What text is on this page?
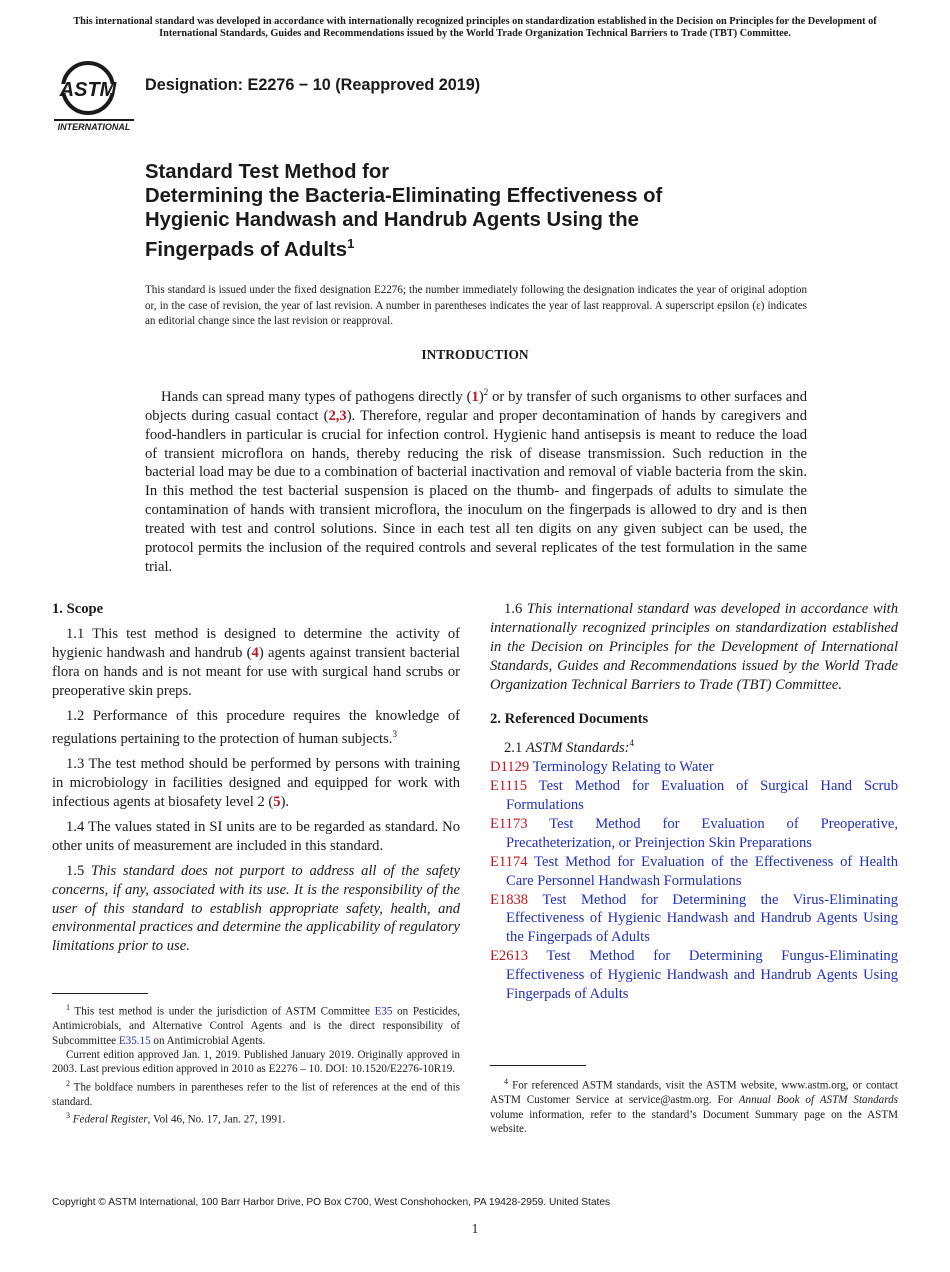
This international standard was developed in accordance with internationally recognized principles on standardization established in the Decision on Principles for the Development of International Standards, Guides and Recommendations issued by the World Trade Organization Technical Barriers to Trade (TBT) Committee.
ASTM
INTERNATIONAL
Designation: E2276 − 10 (Reapproved 2019)
Standard Test Method for
Determining the Bacteria-Eliminating Effectiveness of
Hygienic Handwash and Handrub Agents Using the
Fingerpads of Adults$^1$
This standard is issued under the fixed designation E2276; the number immediately following the designation indicates the year of original adoption or, in the case of revision, the year of last revision. A number in parentheses indicates the year of last reapproval. A superscript epsilon (ε) indicates an editorial change since the last revision or reapproval.
INTRODUCTION
Hands can spread many types of pathogens directly $(1)^2$ or by transfer of such organisms to other surfaces and objects during casual contact (2,3). Therefore, regular and proper decontamination of hands by caregivers and food-handlers in particular is crucial for infection control. Hygienic hand antisepsis is meant to reduce the load of transient microflora on hands, thereby reducing the risk of disease transmission. Such reduction in the bacterial load may be due to a combination of bacterial inactivation and removal of viable bacteria from the skin. In this method the test bacterial suspension is placed on the thumb- and fingerpads of adults to simulate the contamination of hands with transient microflora, the inoculum on the fingerpads is allowed to dry and is then treated with test and control solutions. Since in each test all ten digits on any given subject can be used, the protocol permits the inclusion of the required controls and several replicates of the test formulation in the same trial.
1. Scope
1.1 This test method is designed to determine the activity of hygienic handwash and handrub (4) agents against transient bacterial flora on hands and is not meant for use with surgical hand scrubs or preoperative skin preps.
1.2 Performance of this procedure requires the knowledge of regulations pertaining to the protection of human subjects.$^3$
1.3 The test method should be performed by persons with training in microbiology in facilities designed and equipped for work with infectious agents at biosafety level 2 (5).
1.4 The values stated in SI units are to be regarded as standard. No other units of measurement are included in this standard.
1.5 This standard does not purport to address all of the safety concerns, if any, associated with its use. It is the responsibility of the user of this standard to establish appropriate safety, health, and environmental practices and determine the applicability of regulatory limitations prior to use.
$^1$ This test method is under the jurisdiction of ASTM Committee E35 on Pesticides, Antimicrobials, and Alternative Control Agents and is the direct responsibility of Subcommittee E35.15 on Antimicrobial Agents.
Current edition approved Jan. 1, 2019. Published January 2019. Originally approved in 2003. Last previous edition approved in 2010 as E2276 – 10. DOI: 10.1520/E2276-10R19.
$^2$ The boldface numbers in parentheses refer to the list of references at the end of this standard.
$^3$ Federal Register, Vol 46, No. 17, Jan. 27, 1991.
1.6 This international standard was developed in accordance with internationally recognized principles on standardization established in the Decision on Principles for the Development of International Standards, Guides and Recommendations issued by the World Trade Organization Technical Barriers to Trade (TBT) Committee.
2. Referenced Documents
2.1 ASTM Standards:$^4$
D1129 Terminology Relating to Water
E1115 Test Method for Evaluation of Surgical Hand Scrub Formulations
E1173 Test Method for Evaluation of Preoperative, Precatheterization, or Preinjection Skin Preparations
E1174 Test Method for Evaluation of the Effectiveness of Health Care Personnel Handwash Formulations
E1838 Test Method for Determining the Virus-Eliminating Effectiveness of Hygienic Handwash and Handrub Agents Using the Fingerpads of Adults
E2613 Test Method for Determining Fungus-Eliminating Effectiveness of Hygienic Handwash and Handrub Agents Using Fingerpads of Adults
$^4$ For referenced ASTM standards, visit the ASTM website, www.astm.org, or contact ASTM Customer Service at service@astm.org. For Annual Book of ASTM Standards volume information, refer to the standard’s Document Summary page on the ASTM website.
Copyright © ASTM International, 100 Barr Harbor Drive, PO Box C700, West Conshohocken, PA 19428-2959. United States
1
